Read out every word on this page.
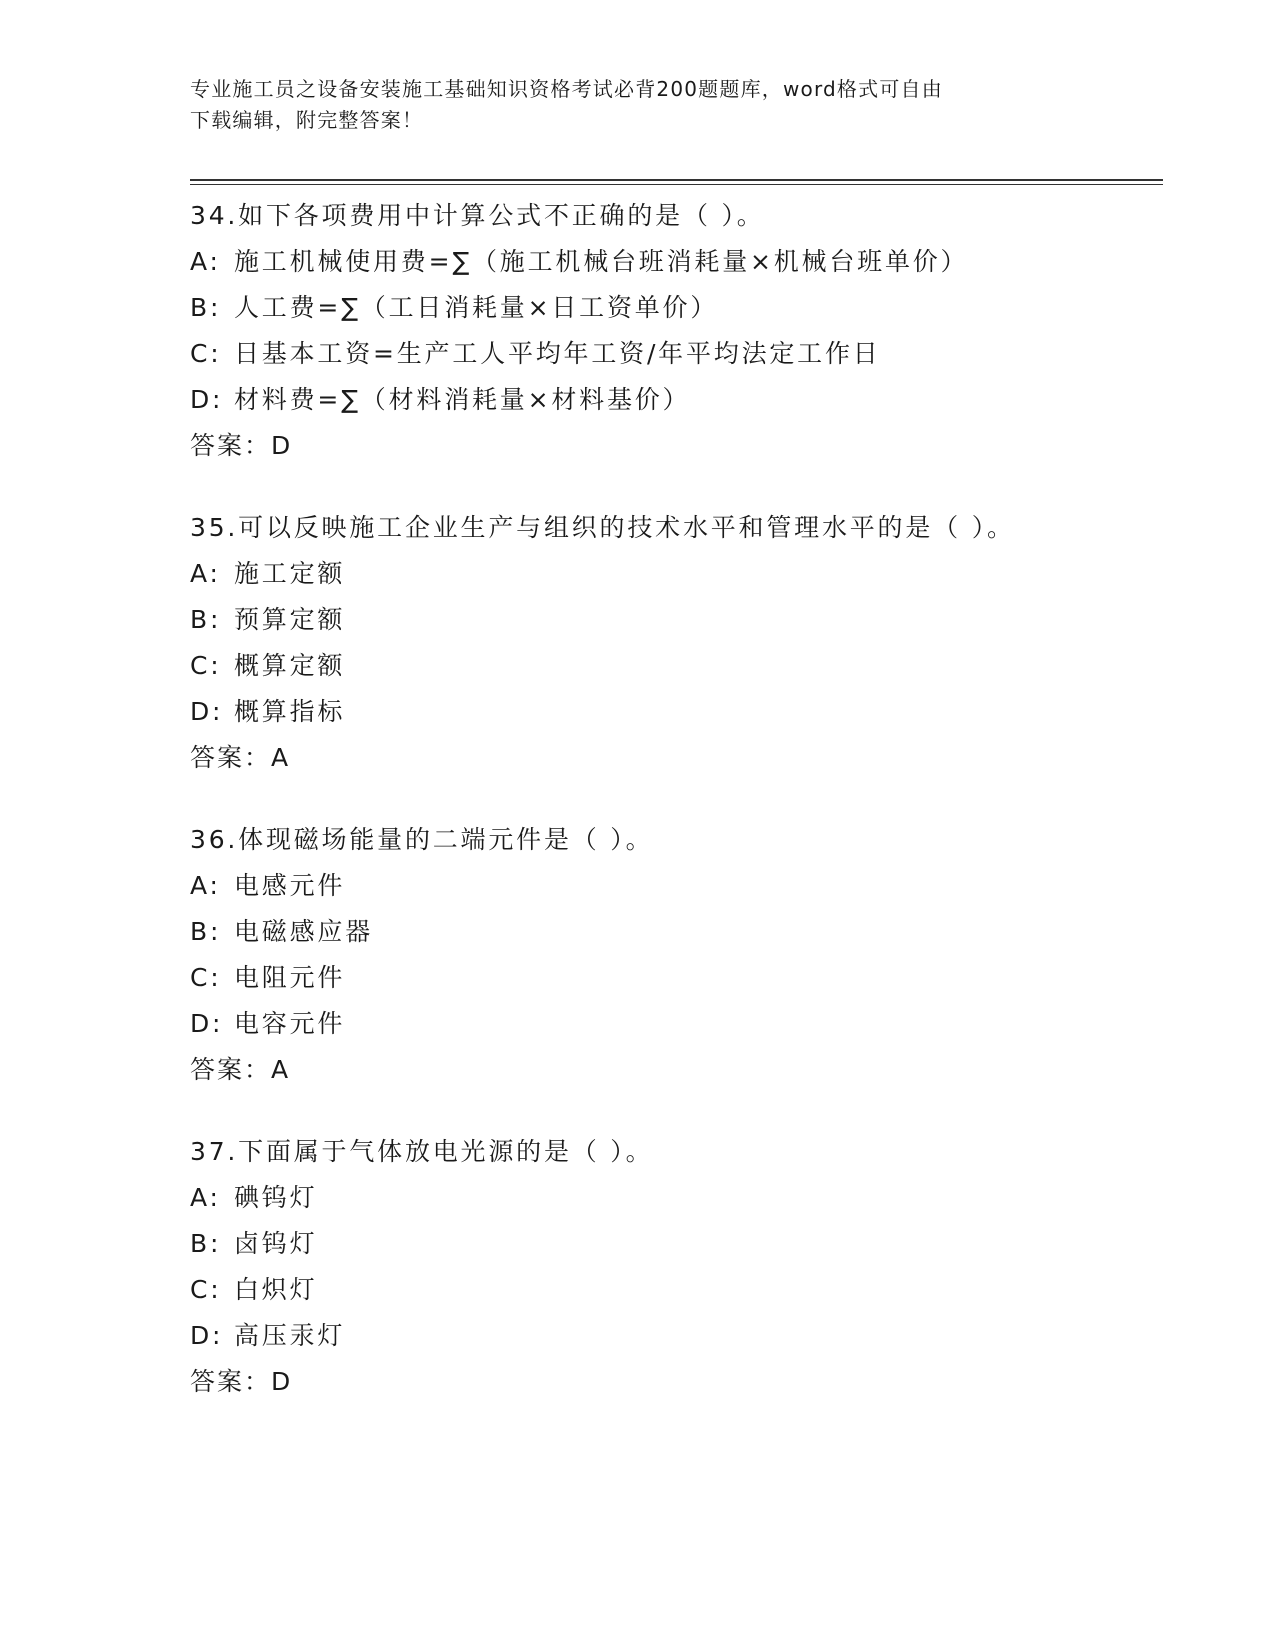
专业施工员之设备安装施工基础知识资格考试必背200题题库，word格式可自由
下载编辑，附完整答案！
34.如下各项费用中计算公式不正确的是（ ）。
A: 施工机械使用费=∑（施工机械台班消耗量×机械台班单价）
B: 人工费=∑（工日消耗量×日工资单价）
C: 日基本工资=生产工人平均年工资/年平均法定工作日
D: 材料费=∑（材料消耗量×材料基价）
答案：D
35.可以反映施工企业生产与组织的技术水平和管理水平的是（ ）。
A: 施工定额
B: 预算定额
C: 概算定额
D: 概算指标
答案：A
36.体现磁场能量的二端元件是（ ）。
A: 电感元件
B: 电磁感应器
C: 电阻元件
D: 电容元件
答案：A
37.下面属于气体放电光源的是（ ）。
A: 碘钨灯
B: 卤钨灯
C: 白炽灯
D: 高压汞灯
答案：D
